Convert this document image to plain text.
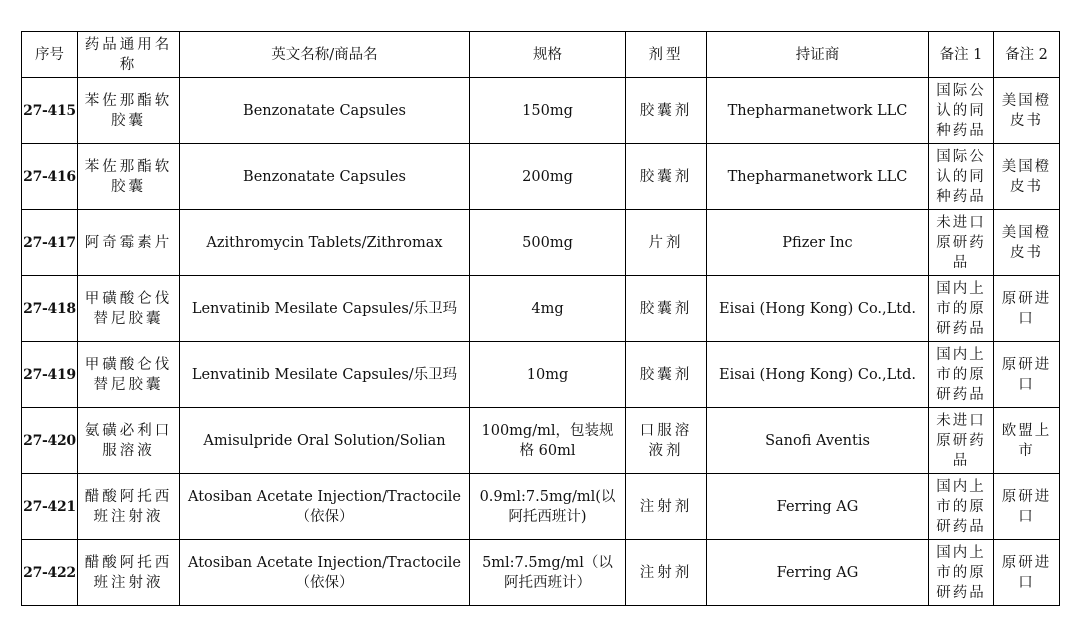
序号	药品通用名称	英文名称/商品名	规格	剂型	持证商	备注 1	备注 2
27-415	苯佐那酯软胶囊	Benzonatate Capsules	150mg	胶囊剂	Thepharmanetwork LLC	国际公认的同种药品	美国橙皮书
27-416	苯佐那酯软胶囊	Benzonatate Capsules	200mg	胶囊剂	Thepharmanetwork LLC	国际公认的同种药品	美国橙皮书
27-417	阿奇霉素片	Azithromycin Tablets/Zithromax	500mg	片剂	Pfizer Inc	未进口原研药品	美国橙皮书
27-418	甲磺酸仑伐替尼胶囊	Lenvatinib Mesilate Capsules/乐卫玛	4mg	胶囊剂	Eisai (Hong Kong) Co.,Ltd.	国内上市的原研药品	原研进口
27-419	甲磺酸仑伐替尼胶囊	Lenvatinib Mesilate Capsules/乐卫玛	10mg	胶囊剂	Eisai (Hong Kong) Co.,Ltd.	国内上市的原研药品	原研进口
27-420	氨磺必利口服溶液	Amisulpride Oral Solution/Solian	100mg/ml，包装规格 60ml	口服溶液剂	Sanofi Aventis	未进口原研药品	欧盟上市
27-421	醋酸阿托西班注射液	Atosiban Acetate Injection/Tractocile（依保）	0.9ml:7.5mg/ml(以阿托西班计)	注射剂	Ferring AG	国内上市的原研药品	原研进口
27-422	醋酸阿托西班注射液	Atosiban Acetate Injection/Tractocile（依保）	5ml:7.5mg/ml（以阿托西班计）	注射剂	Ferring AG	国内上市的原研药品	原研进口
